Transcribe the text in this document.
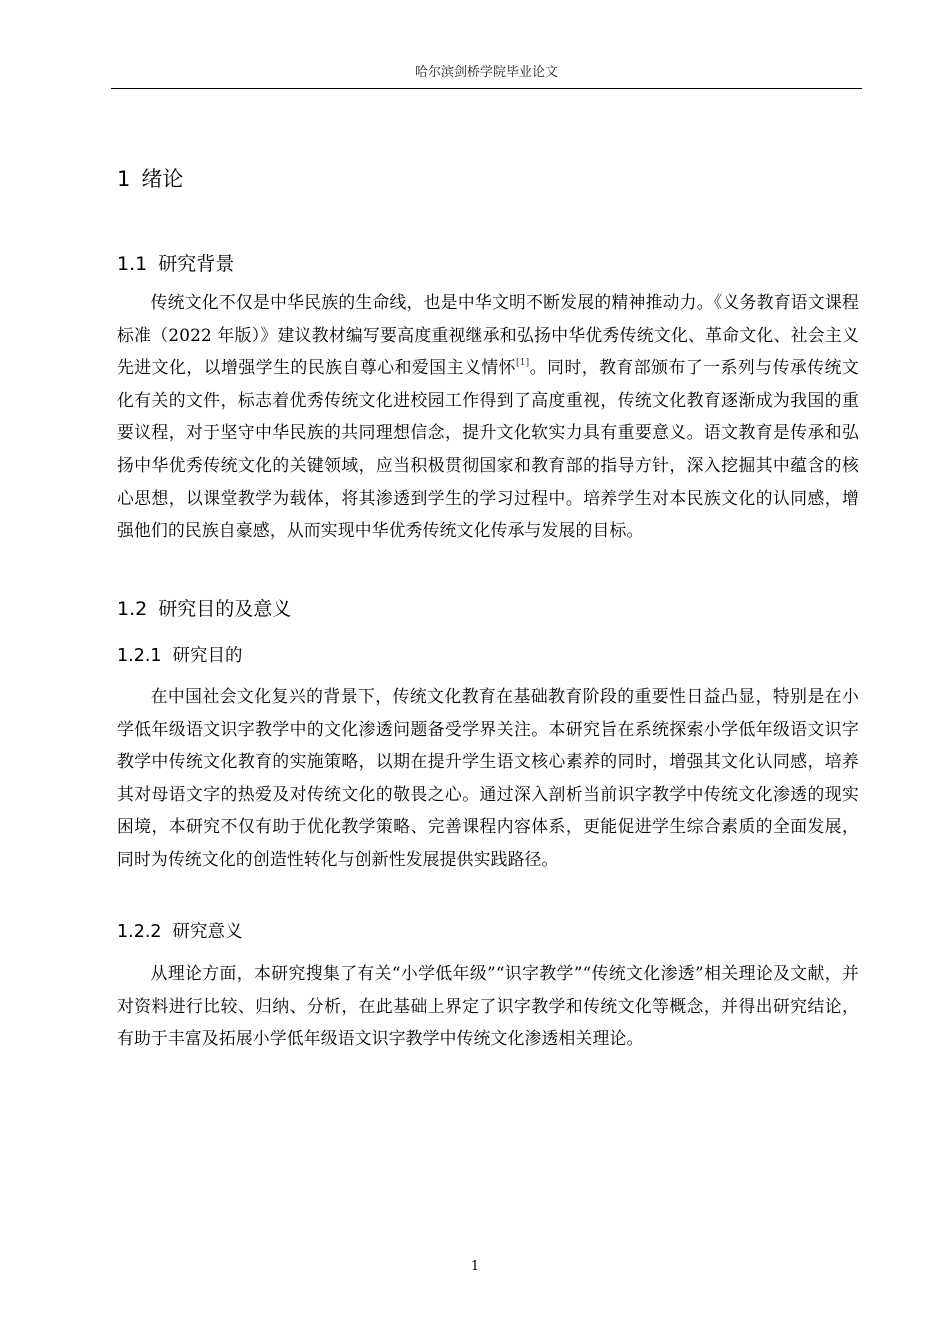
哈尔滨剑桥学院毕业论文
1 绪论
1.1 研究背景
传统文化不仅是中华民族的生命线，也是中华文明不断发展的精神推动力。《义务教育语文课程标准（2022 年版）》建议教材编写要高度重视继承和弘扬中华优秀传统文化、革命文化、社会主义先进文化，以增强学生的民族自尊心和爱国主义情怀[1]。同时，教育部颁布了一系列与传承传统文化有关的文件，标志着优秀传统文化进校园工作得到了高度重视，传统文化教育逐渐成为我国的重要议程，对于坚守中华民族的共同理想信念，提升文化软实力具有重要意义。语文教育是传承和弘扬中华优秀传统文化的关键领域，应当积极贯彻国家和教育部的指导方针，深入挖掘其中蕴含的核心思想，以课堂教学为载体，将其渗透到学生的学习过程中。培养学生对本民族文化的认同感，增强他们的民族自豪感，从而实现中华优秀传统文化传承与发展的目标。
1.2 研究目的及意义
1.2.1 研究目的
在中国社会文化复兴的背景下，传统文化教育在基础教育阶段的重要性日益凸显，特别是在小学低年级语文识字教学中的文化渗透问题备受学界关注。本研究旨在系统探索小学低年级语文识字教学中传统文化教育的实施策略，以期在提升学生语文核心素养的同时，增强其文化认同感，培养其对母语文字的热爱及对传统文化的敬畏之心。通过深入剖析当前识字教学中传统文化渗透的现实困境，本研究不仅有助于优化教学策略、完善课程内容体系，更能促进学生综合素质的全面发展，同时为传统文化的创造性转化与创新性发展提供实践路径。
1.2.2 研究意义
从理论方面，本研究搜集了有关“小学低年级”“识字教学”“传统文化渗透”相关理论及文献，并对资料进行比较、归纳、分析，在此基础上界定了识字教学和传统文化等概念，并得出研究结论，有助于丰富及拓展小学低年级语文识字教学中传统文化渗透相关理论。
1
